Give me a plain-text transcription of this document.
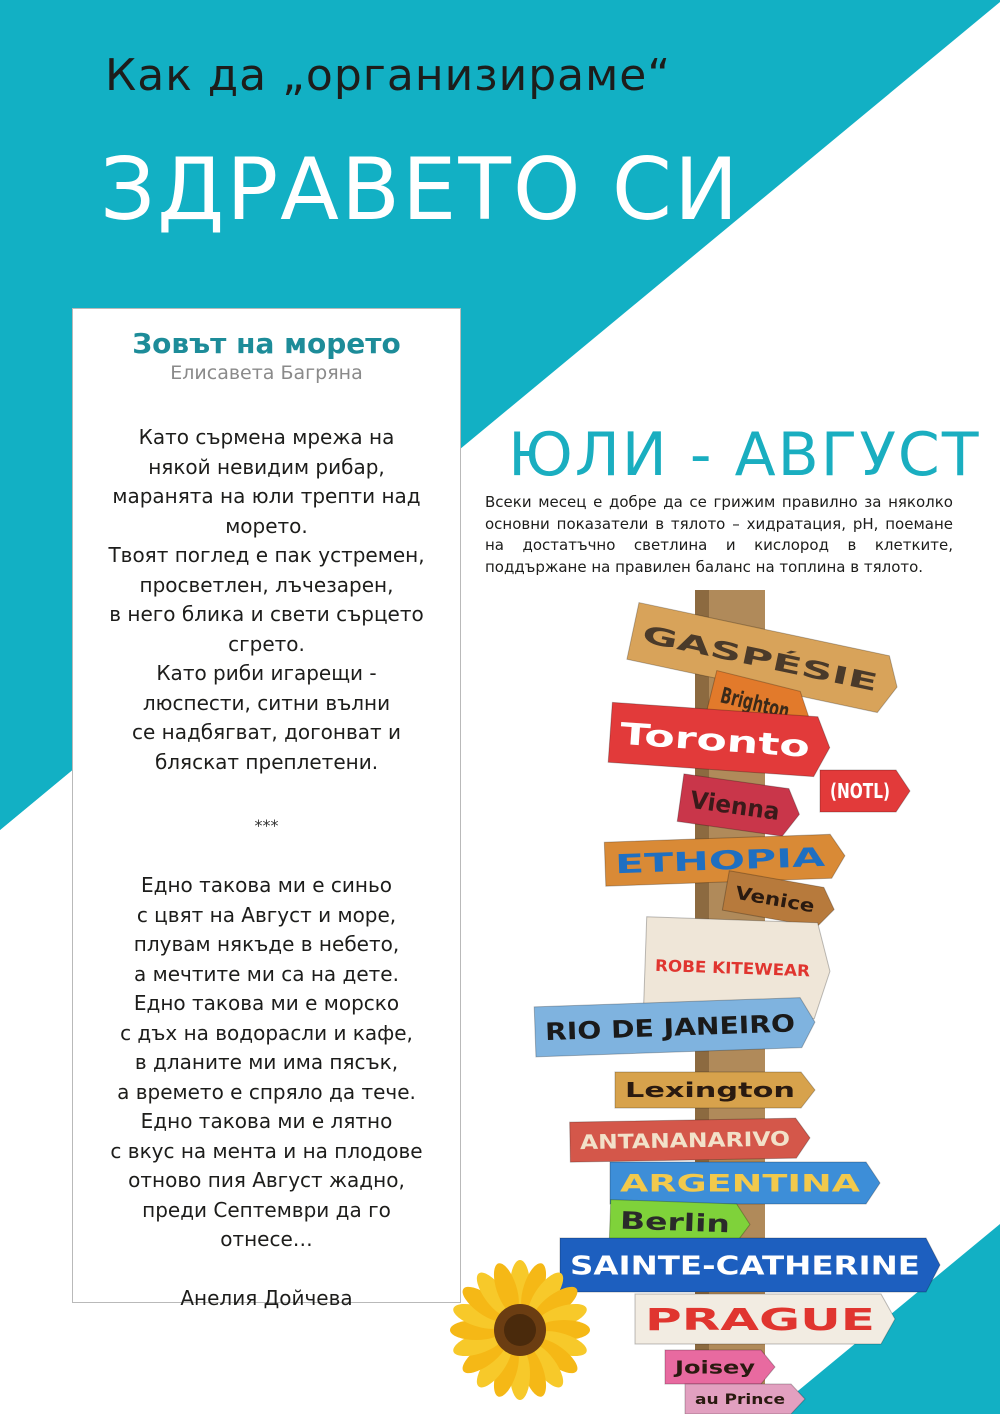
Как да „организираме“
ЗДРАВЕТО СИ
Зовът на морето

Елисавета Багряна

Като сърмена мрежа на

някой невидим рибар,

маранята на юли трепти над

морето.

Твоят поглед е пак устремен,

просветлен, лъчезарен,

в него блика и свети сърцето

сгрето.

Като риби игарещи -

люспести, ситни вълни

се надбягват, догонват и

бляскат преплетени.

***

Едно такова ми е синьо

с цвят на Август и море,

плувам някъде в небето,

а мечтите ми са на дете.

Едно такова ми е морско

с дъх на водорасли и кафе,

в дланите ми има пясък,

а времето е спряло да тече.

Едно такова ми е лятно

с вкус на мента и на плодове

отново пия Август жадно,

преди Септември да го

отнесе…

Анелия Дойчева

ЮЛИ - АВГУСТ

Всеки месец е добре да се грижим правилно за няколко основни показатели в тялото – хидратация, pH, поемане на достатъчно светлина и кислород в клетките, поддържане на правилен баланс на топлина в тялото.

GASPÉSIE
Brighton
Toronto
(NOTL)
Vienna
ETHOPIA
Venice
ROBE KITEWEAR
RIO DE JANEIRO
Lexington
ANTANANARIVO
ARGENTINA
Berlin
SAINTE-CATHERINE
PRAGUE
Joisey
au Prince
